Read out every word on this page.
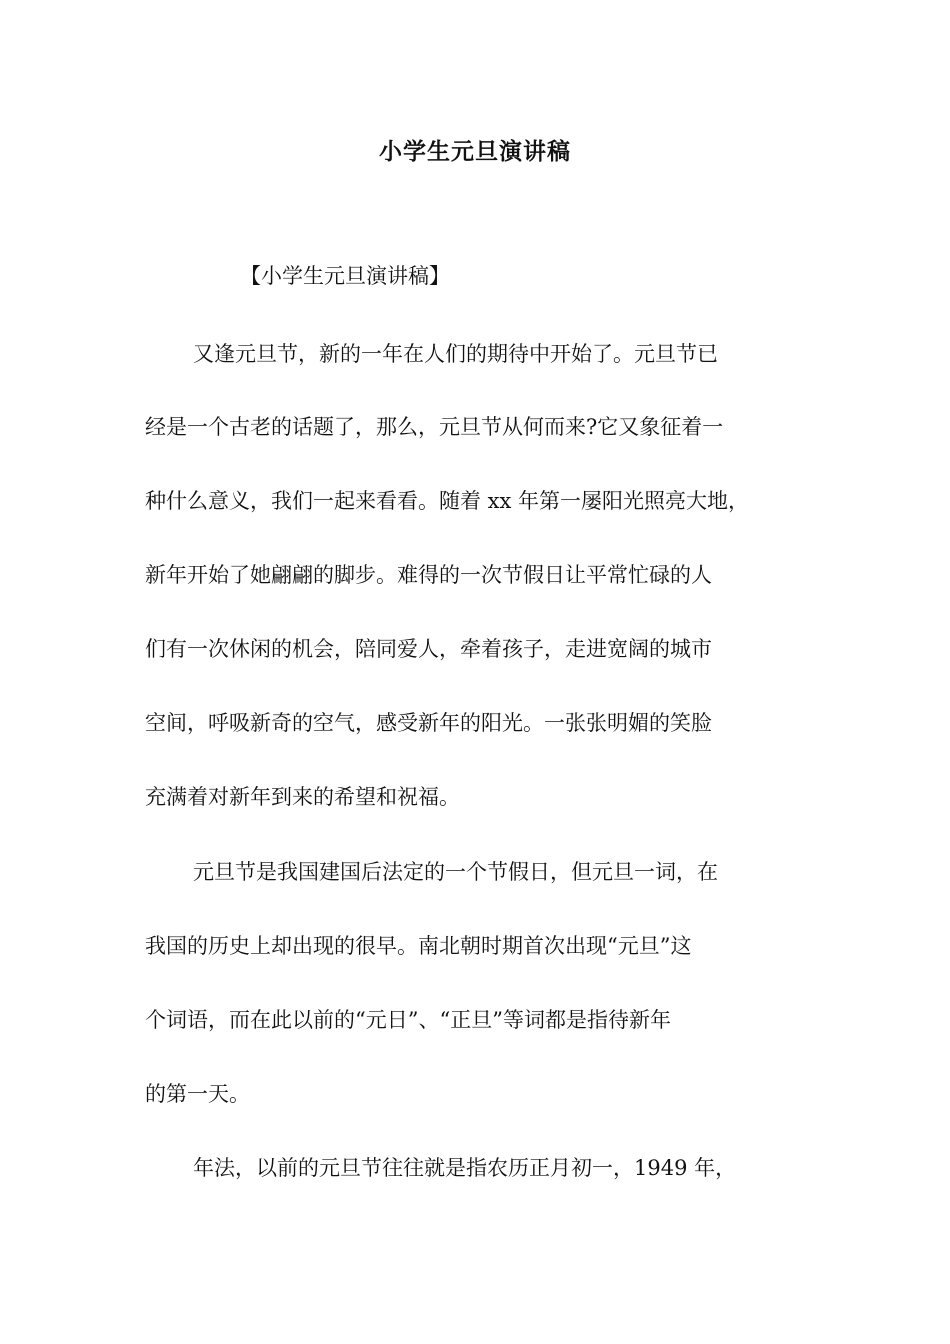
小学生元旦演讲稿
【小学生元旦演讲稿】
又逢元旦节，新的一年在人们的期待中开始了。元旦节已
经是一个古老的话题了，那么，元旦节从何而来?它又象征着一
种什么意义，我们一起来看看。随着 xx 年第一屡阳光照亮大地，
新年开始了她翩翩的脚步。难得的一次节假日让平常忙碌的人
们有一次休闲的机会，陪同爱人，牵着孩子，走进宽阔的城市
空间，呼吸新奇的空气，感受新年的阳光。一张张明媚的笑脸
充满着对新年到来的希望和祝福。
元旦节是我国建国后法定的一个节假日，但元旦一词，在
我国的历史上却出现的很早。南北朝时期首次出现“元旦”这
个词语，而在此以前的“元日”、“正旦”等词都是指待新年
的第一天。
年法，以前的元旦节往往就是指农历正月初一，1949 年，
